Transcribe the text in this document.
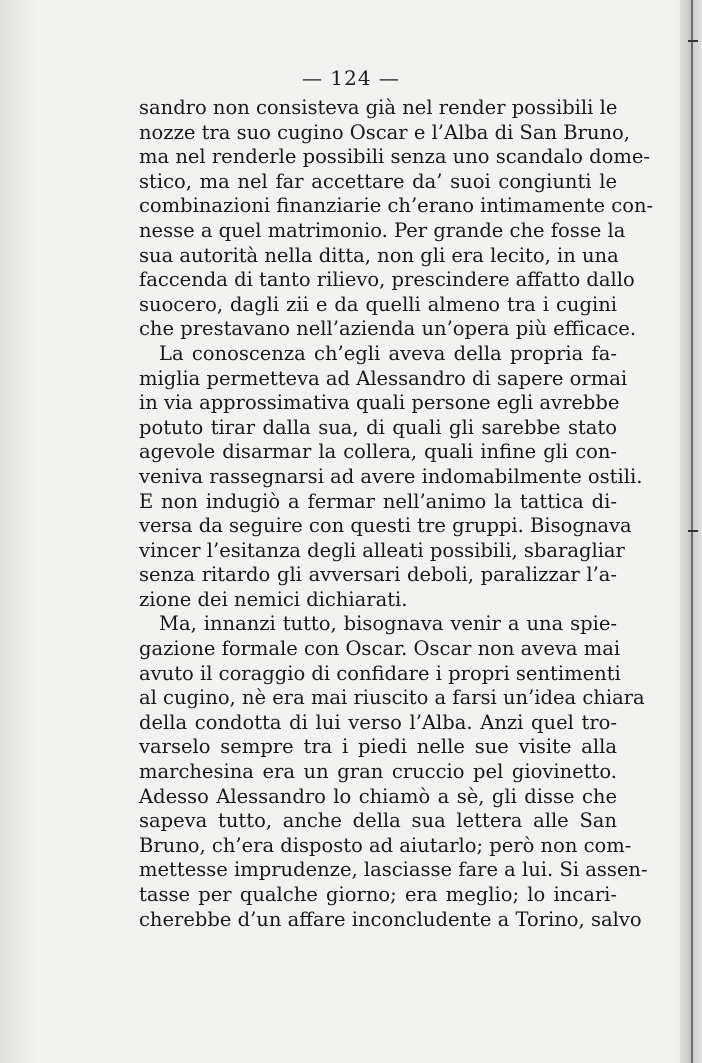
— 124 —
sandro non consisteva già nel render possibili le
nozze tra suo cugino Oscar e l’Alba di San Bruno,
ma nel renderle possibili senza uno scandalo dome-
stico, ma nel far accettare da’ suoi congiunti le
combinazioni finanziarie ch’erano intimamente con-
nesse a quel matrimonio. Per grande che fosse la
sua autorità nella ditta, non gli era lecito, in una
faccenda di tanto rilievo, prescindere affatto dallo
suocero, dagli zii e da quelli almeno tra i cugini
che prestavano nell’azienda un’opera più efficace.
La conoscenza ch’egli aveva della propria fa-
miglia permetteva ad Alessandro di sapere ormai
in via approssimativa quali persone egli avrebbe
potuto tirar dalla sua, di quali gli sarebbe stato
agevole disarmar la collera, quali infine gli con-
veniva rassegnarsi ad avere indomabilmente ostili.
E non indugiò a fermar nell’animo la tattica di-
versa da seguire con questi tre gruppi. Bisognava
vincer l’esitanza degli alleati possibili, sbaragliar
senza ritardo gli avversari deboli, paralizzar l’a-
zione dei nemici dichiarati.
Ma, innanzi tutto, bisognava venir a una spie-
gazione formale con Oscar. Oscar non aveva mai
avuto il coraggio di confidare i propri sentimenti
al cugino, nè era mai riuscito a farsi un’idea chiara
della condotta di lui verso l’Alba. Anzi quel tro-
varselo sempre tra i piedi nelle sue visite alla
marchesina era un gran cruccio pel giovinetto.
Adesso Alessandro lo chiamò a sè, gli disse che
sapeva tutto, anche della sua lettera alle San
Bruno, ch’era disposto ad aiutarlo; però non com-
mettesse imprudenze, lasciasse fare a lui. Si assen-
tasse per qualche giorno; era meglio; lo incari-
cherebbe d’un affare inconcludente a Torino, salvo
